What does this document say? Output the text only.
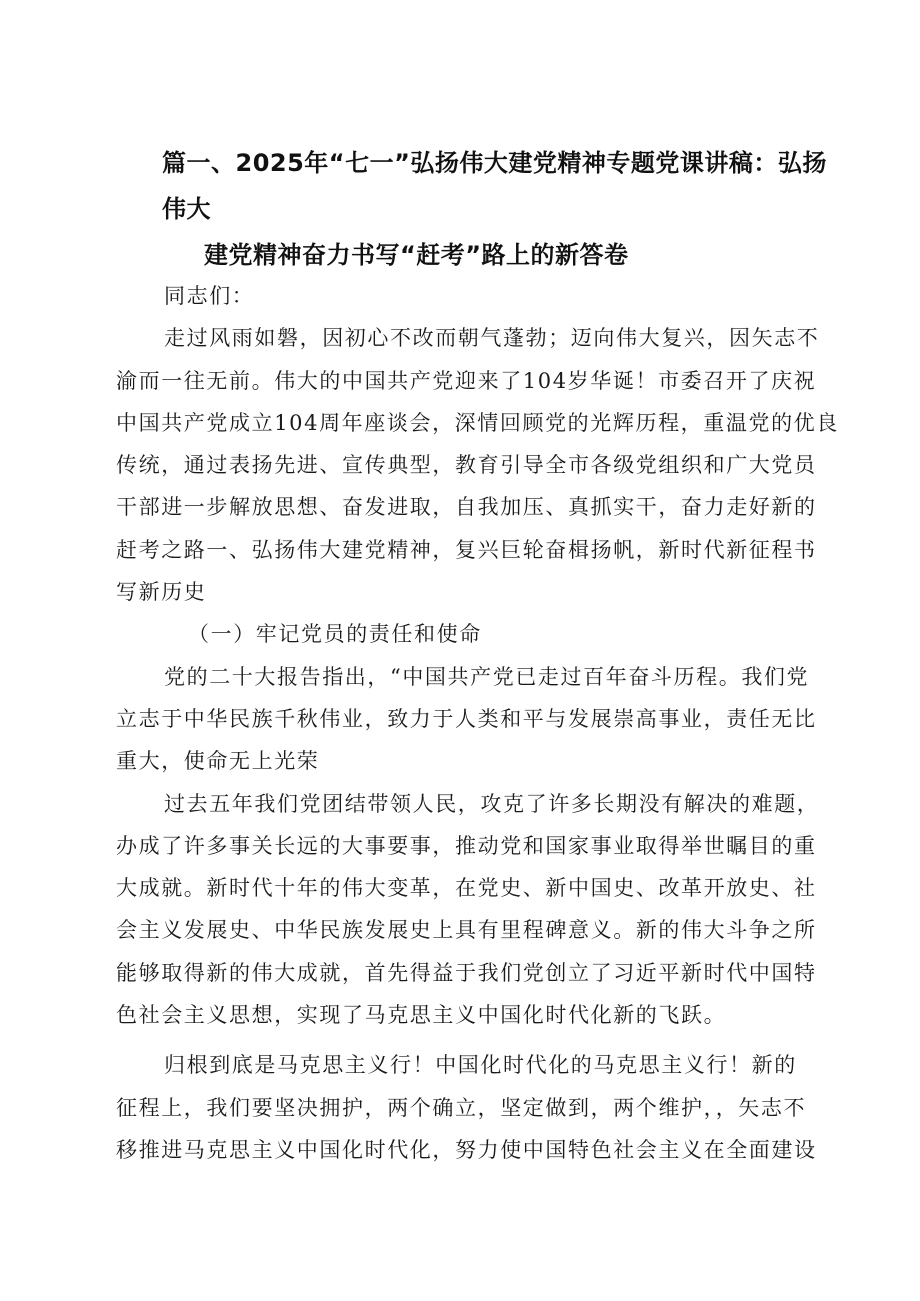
篇一、2025年“七一”弘扬伟大建党精神专题党课讲稿：弘扬伟大
建党精神奋力书写“赶考”路上的新答卷
同志们：
走过风雨如磐，因初心不改而朝气蓬勃；迈向伟大复兴，因矢志不
渝而一往无前。伟大的中国共产党迎来了104岁华诞！市委召开了庆祝
中国共产党成立104周年座谈会，深情回顾党的光辉历程，重温党的优良
传统，通过表扬先进、宣传典型，教育引导全市各级党组织和广大党员
干部进一步解放思想、奋发进取，自我加压、真抓实干，奋力走好新的
赶考之路一、弘扬伟大建党精神，复兴巨轮奋楫扬帆，新时代新征程书
写新历史
（一）牢记党员的责任和使命
党的二十大报告指出，“中国共产党已走过百年奋斗历程。我们党
立志于中华民族千秋伟业，致力于人类和平与发展崇高事业，责任无比
重大，使命无上光荣
过去五年我们党团结带领人民，攻克了许多长期没有解决的难题，
办成了许多事关长远的大事要事，推动党和国家事业取得举世瞩目的重
大成就。新时代十年的伟大变革，在党史、新中国史、改革开放史、社
会主义发展史、中华民族发展史上具有里程碑意义。新的伟大斗争之所
能够取得新的伟大成就，首先得益于我们党创立了习近平新时代中国特
色社会主义思想，实现了马克思主义中国化时代化新的飞跃。
归根到底是马克思主义行！中国化时代化的马克思主义行！新的
征程上，我们要坚决拥护，两个确立，坚定做到，两个维护，，矢志不
移推进马克思主义中国化时代化，努力使中国特色社会主义在全面建设
